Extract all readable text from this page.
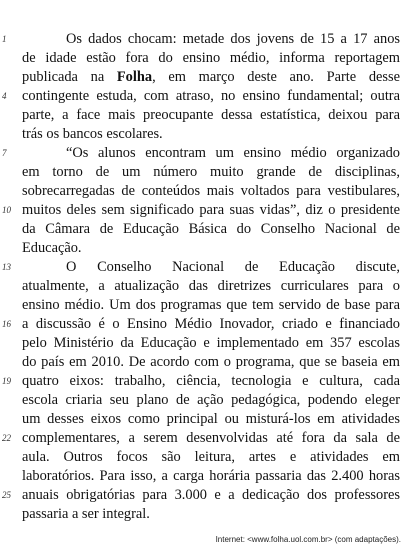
1
4
7
10
13
16
19
22
25
Os dados chocam: metade dos jovens de 15 a 17 anos
de idade estão fora do ensino médio, informa reportagem
publicada na Folha, em março deste ano. Parte desse
contingente estuda, com atraso, no ensino fundamental; outra
parte, a face mais preocupante dessa estatística, deixou para
trás os bancos escolares.
“Os alunos encontram um ensino médio organizado
em torno de um número muito grande de disciplinas,
sobrecarregadas de conteúdos mais voltados para vestibulares,
muitos deles sem significado para suas vidas”, diz o presidente
da Câmara de Educação Básica do Conselho Nacional de
Educação.
O Conselho Nacional de Educação discute,
atualmente, a atualização das diretrizes curriculares para o
ensino médio. Um dos programas que tem servido de base para
a discussão é o Ensino Médio Inovador, criado e financiado
pelo Ministério da Educação e implementado em 357 escolas
do país em 2010. De acordo com o programa, que se baseia em
quatro eixos: trabalho, ciência, tecnologia e cultura, cada
escola criaria seu plano de ação pedagógica, podendo eleger
um desses eixos como principal ou misturá-los em atividades
complementares, a serem desenvolvidas até fora da sala de
aula. Outros focos são leitura, artes e atividades em
laboratórios. Para isso, a carga horária passaria das 2.400 horas
anuais obrigatórias para 3.000 e a dedicação dos professores
passaria a ser integral.
Internet: <www.folha.uol.com.br> (com adaptações).
